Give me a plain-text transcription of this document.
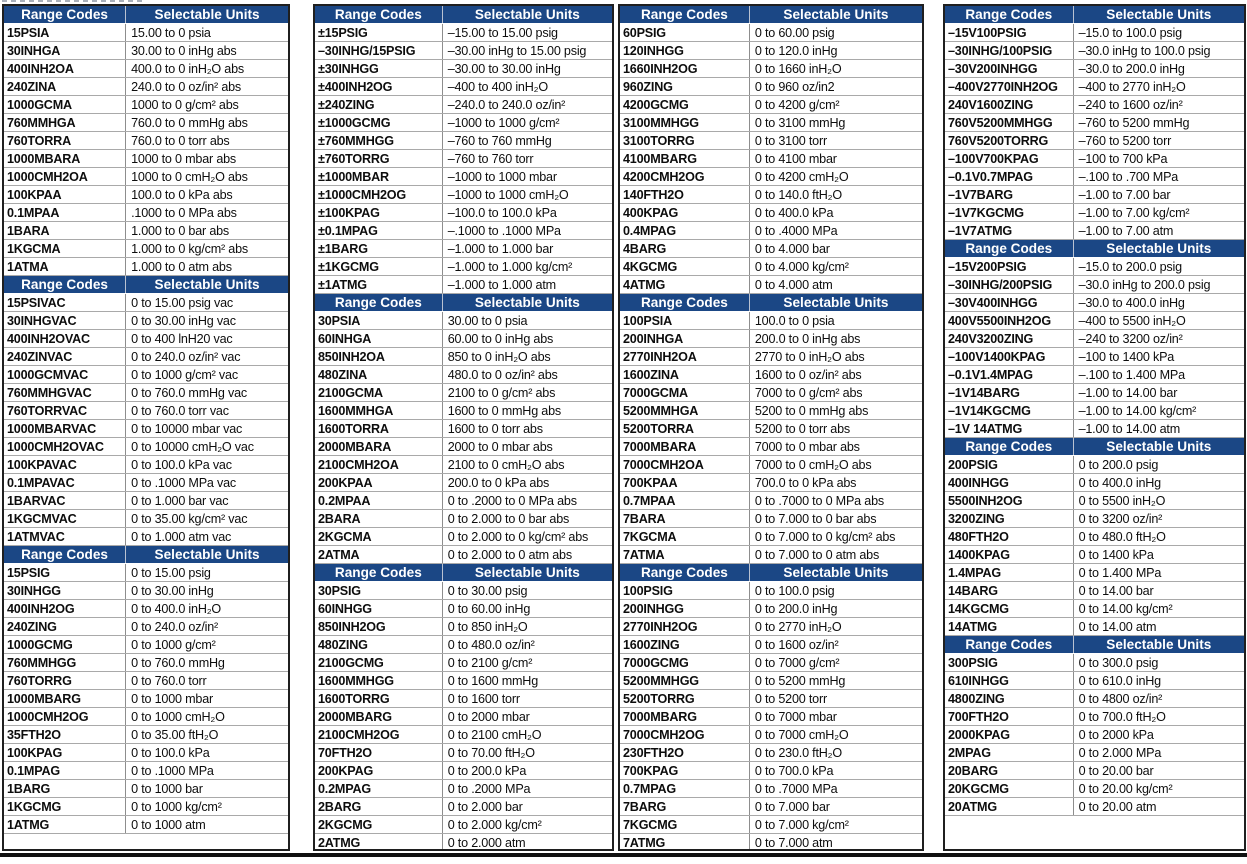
Range Codes	Selectable Units
15PSIA	15.00 to 0 psia
30INHGA	30.00 to 0 inHg abs
400INH2OA	400.0 to 0 inH₂O abs
240ZINA	240.0 to 0 oz/in² abs
1000GCMA	1000 to 0 g/cm² abs
760MMHGA	760.0 to 0 mmHg abs
760TORRA	760.0 to 0 torr abs
1000MBARA	1000 to 0 mbar abs
1000CMH2OA	1000 to 0 cmH₂O abs
100KPAA	100.0 to 0 kPa abs
0.1MPAA	.1000 to 0 MPa abs
1BARA	1.000 to 0 bar abs
1KGCMA	1.000 to 0 kg/cm² abs
1ATMA	1.000 to 0 atm abs
Range Codes	Selectable Units
15PSIVAC	0 to 15.00 psig vac
30INHGVAC	0 to 30.00 inHg vac
400INH2OVAC	0 to 400 lnH20 vac
240ZINVAC	0 to 240.0 oz/in² vac
1000GCMVAC	0 to 1000 g/cm² vac
760MMHGVAC	0 to 760.0 mmHg vac
760TORRVAC	0 to 760.0 torr vac
1000MBARVAC	0 to 10000 mbar vac
1000CMH2OVAC	0 to 10000 cmH₂O vac
100KPAVAC	0 to 100.0 kPa vac
0.1MPAVAC	0 to .1000 MPa vac
1BARVAC	0 to 1.000 bar vac
1KGCMVAC	0 to 35.00 kg/cm² vac
1ATMVAC	0 to 1.000 atm vac
Range Codes	Selectable Units
15PSIG	0 to 15.00 psig
30INHGG	0 to 30.00 inHg
400INH2OG	0 to 400.0 inH₂O
240ZING	0 to 240.0 oz/in²
1000GCMG	0 to 1000 g/cm²
760MMHGG	0 to 760.0 mmHg
760TORRG	0 to 760.0 torr
1000MBARG	0 to 1000 mbar
1000CMH2OG	0 to 1000 cmH₂O
35FTH2O	0 to 35.00 ftH₂O
100KPAG	0 to 100.0 kPa
0.1MPAG	0 to .1000 MPa
1BARG	0 to 1000 bar
1KGCMG	0 to 1000 kg/cm²
1ATMG	0 to 1000 atm
Range Codes	Selectable Units
±15PSIG	–15.00 to 15.00 psig
–30INHG/15PSIG	–30.00 inHg to 15.00 psig
±30INHGG	–30.00 to 30.00 inHg
±400INH2OG	–400 to 400 inH₂O
±240ZING	–240.0 to 240.0 oz/in²
±1000GCMG	–1000 to 1000 g/cm²
±760MMHGG	–760 to 760 mmHg
±760TORRG	–760 to 760 torr
±1000MBAR	–1000 to 1000 mbar
±1000CMH2OG	–1000 to 1000 cmH₂O
±100KPAG	–100.0 to 100.0 kPa
±0.1MPAG	–.1000 to .1000 MPa
±1BARG	–1.000 to 1.000 bar
±1KGCMG	–1.000 to 1.000 kg/cm²
±1ATMG	–1.000 to 1.000 atm
Range Codes	Selectable Units
30PSIA	30.00 to 0 psia
60INHGA	60.00 to 0 inHg abs
850INH2OA	850 to 0 inH₂O abs
480ZINA	480.0 to 0 oz/in² abs
2100GCMA	2100 to 0 g/cm² abs
1600MMHGA	1600 to 0 mmHg abs
1600TORRA	1600 to 0 torr abs
2000MBARA	2000 to 0 mbar abs
2100CMH2OA	2100 to 0 cmH₂O abs
200KPAA	200.0 to 0 kPa abs
0.2MPAA	0 to .2000 to 0 MPa abs
2BARA	0 to 2.000 to 0 bar abs
2KGCMA	0 to 2.000 to 0 kg/cm² abs
2ATMA	0 to 2.000 to 0 atm abs
Range Codes	Selectable Units
30PSIG	0 to 30.00 psig
60INHGG	0 to 60.00 inHg
850INH2OG	0 to 850 inH₂O
480ZING	0 to 480.0 oz/in²
2100GCMG	0 to 2100 g/cm²
1600MMHGG	0 to 1600 mmHg
1600TORRG	0 to 1600 torr
2000MBARG	0 to 2000 mbar
2100CMH2OG	0 to 2100 cmH₂O
70FTH2O	0 to 70.00 ftH₂O
200KPAG	0 to 200.0 kPa
0.2MPAG	0 to .2000 MPa
2BARG	0 to 2.000 bar
2KGCMG	0 to 2.000 kg/cm²
2ATMG	0 to 2.000 atm
Range Codes	Selectable Units
60PSIG	0 to 60.00 psig
120INHGG	0 to 120.0 inHg
1660INH2OG	0 to 1660 inH₂O
960ZING	0 to 960 oz/in2
4200GCMG	0 to 4200 g/cm²
3100MMHGG	0 to 3100 mmHg
3100TORRG	0 to 3100 torr
4100MBARG	0 to 4100 mbar
4200CMH2OG	0 to 4200 cmH₂O
140FTH2O	0 to 140.0 ftH₂O
400KPAG	0 to 400.0 kPa
0.4MPAG	0 to .4000 MPa
4BARG	0 to 4.000 bar
4KGCMG	0 to 4.000 kg/cm²
4ATMG	0 to 4.000 atm
Range Codes	Selectable Units
100PSIA	100.0 to 0 psia
200INHGA	200.0 to 0 inHg abs
2770INH2OA	2770 to 0 inH₂O abs
1600ZINA	1600 to 0 oz/in² abs
7000GCMA	7000 to 0 g/cm² abs
5200MMHGA	5200 to 0 mmHg abs
5200TORRA	5200 to 0 torr abs
7000MBARA	7000 to 0 mbar abs
7000CMH2OA	7000 to 0 cmH₂O abs
700KPAA	700.0 to 0 kPa abs
0.7MPAA	0 to .7000 to 0 MPa abs
7BARA	0 to 7.000 to 0 bar abs
7KGCMA	0 to 7.000 to 0 kg/cm² abs
7ATMA	0 to 7.000 to 0 atm abs
Range Codes	Selectable Units
100PSIG	0 to 100.0 psig
200INHGG	0 to 200.0 inHg
2770INH2OG	0 to 2770 inH₂O
1600ZING	0 to 1600 oz/in²
7000GCMG	0 to 7000 g/cm²
5200MMHGG	0 to 5200 mmHg
5200TORRG	0 to 5200 torr
7000MBARG	0 to 7000 mbar
7000CMH2OG	0 to 7000 cmH₂O
230FTH2O	0 to 230.0 ftH₂O
700KPAG	0 to 700.0 kPa
0.7MPAG	0 to .7000 MPa
7BARG	0 to 7.000 bar
7KGCMG	0 to 7.000 kg/cm²
7ATMG	0 to 7.000 atm
Range Codes	Selectable Units
–15V100PSIG	–15.0 to 100.0 psig
–30INHG/100PSIG	–30.0 inHg to 100.0 psig
–30V200INHGG	–30.0 to 200.0 inHg
–400V2770INH2OG	–400 to 2770 inH₂O
240V1600ZING	–240 to 1600 oz/in²
760V5200MMHGG	–760 to 5200 mmHg
760V5200TORRG	–760 to 5200 torr
–100V700KPAG	–100 to 700 kPa
–0.1V0.7MPAG	–.100 to .700 MPa
–1V7BARG	–1.00 to 7.00 bar
–1V7KGCMG	–1.00 to 7.00 kg/cm²
–1V7ATMG	–1.00 to 7.00 atm
Range Codes	Selectable Units
–15V200PSIG	–15.0 to 200.0 psig
–30INHG/200PSIG	–30.0 inHg to 200.0 psig
–30V400INHGG	–30.0 to 400.0 inHg
400V5500INH2OG	–400 to 5500 inH₂O
240V3200ZING	–240 to 3200 oz/in²
–100V1400KPAG	–100 to 1400 kPa
–0.1V1.4MPAG	–.100 to 1.400 MPa
–1V14BARG	–1.00 to 14.00 bar
–1V14KGCMG	–1.00 to 14.00 kg/cm²
–1V 14ATMG	–1.00 to 14.00 atm
Range Codes	Selectable Units
200PSIG	0 to 200.0 psig
400INHGG	0 to 400.0 inHg
5500INH2OG	0 to 5500 inH₂O
3200ZING	0 to 3200 oz/in²
480FTH2O	0 to 480.0 ftH₂O
1400KPAG	0 to 1400 kPa
1.4MPAG	0 to 1.400 MPa
14BARG	0 to 14.00 bar
14KGCMG	0 to 14.00 kg/cm²
14ATMG	0 to 14.00 atm
Range Codes	Selectable Units
300PSIG	0 to 300.0 psig
610INHGG	0 to 610.0 inHg
4800ZING	0 to 4800 oz/in²
700FTH2O	0 to 700.0 ftH₂O
2000KPAG	0 to 2000 kPa
2MPAG	0 to 2.000 MPa
20BARG	0 to 20.00 bar
20KGCMG	0 to 20.00 kg/cm²
20ATMG	0 to 20.00 atm
